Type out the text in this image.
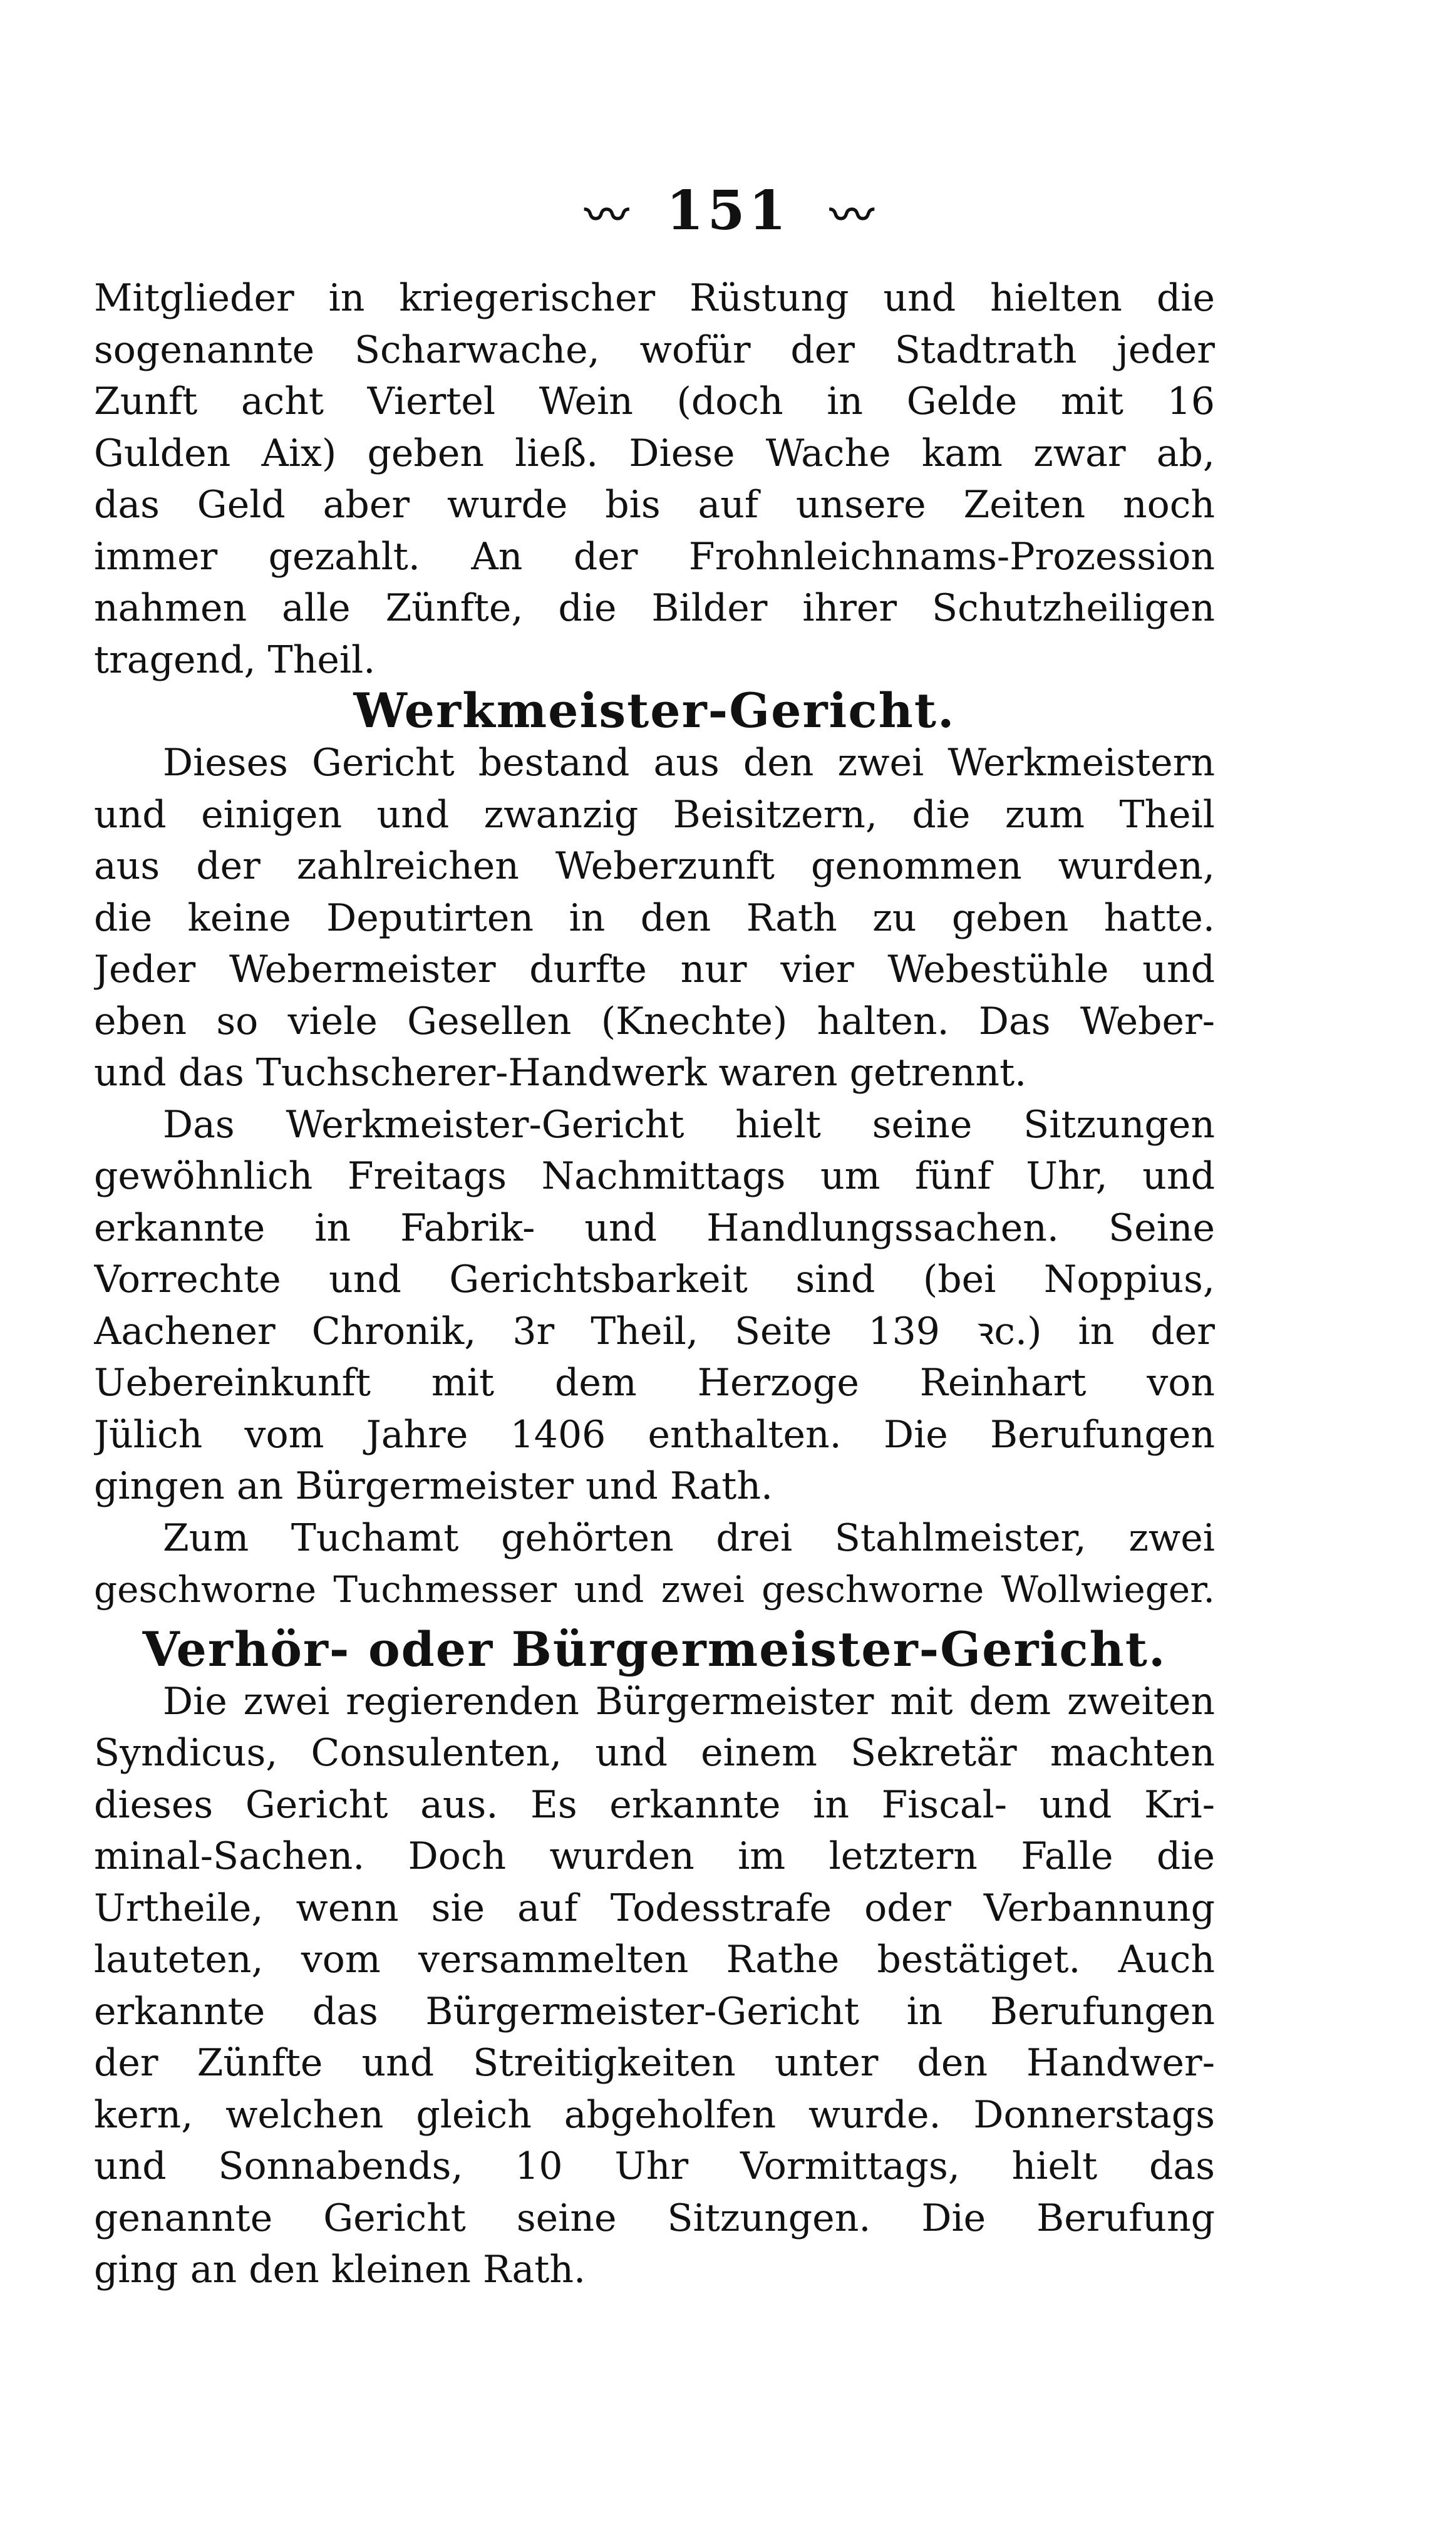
〰 151 〰
Mitglieder in kriegerischer Rüstung und hielten die
sogenannte Scharwache, wofür der Stadtrath jeder
Zunft acht Viertel Wein (doch in Gelde mit 16
Gulden Aix) geben ließ. Diese Wache kam zwar ab,
das Geld aber wurde bis auf unsere Zeiten noch
immer gezahlt. An der Frohnleichnams-Prozession
nahmen alle Zünfte, die Bilder ihrer Schutzheiligen
tragend, Theil.
Werkmeister-Gericht.
Dieses Gericht bestand aus den zwei Werkmeistern
und einigen und zwanzig Beisitzern, die zum Theil
aus der zahlreichen Weberzunft genommen wurden,
die keine Deputirten in den Rath zu geben hatte.
Jeder Webermeister durfte nur vier Webestühle und
eben so viele Gesellen (Knechte) halten. Das Weber-
und das Tuchscherer-Handwerk waren getrennt.
Das Werkmeister-Gericht hielt seine Sitzungen
gewöhnlich Freitags Nachmittags um fünf Uhr, und
erkannte in Fabrik- und Handlungssachen. Seine
Vorrechte und Gerichtsbarkeit sind (bei Noppius,
Aachener Chronik, 3r Theil, Seite 139 ꝛc.) in der
Uebereinkunft mit dem Herzoge Reinhart von
Jülich vom Jahre 1406 enthalten. Die Berufungen
gingen an Bürgermeister und Rath.
Zum Tuchamt gehörten drei Stahlmeister, zwei
geschworne Tuchmesser und zwei geschworne Wollwieger.
Verhör- oder Bürgermeister-Gericht.
Die zwei regierenden Bürgermeister mit dem zweiten
Syndicus, Consulenten, und einem Sekretär machten
dieses Gericht aus. Es erkannte in Fiscal- und Kri-
minal-Sachen. Doch wurden im letztern Falle die
Urtheile, wenn sie auf Todesstrafe oder Verbannung
lauteten, vom versammelten Rathe bestätiget. Auch
erkannte das Bürgermeister-Gericht in Berufungen
der Zünfte und Streitigkeiten unter den Handwer-
kern, welchen gleich abgeholfen wurde. Donnerstags
und Sonnabends, 10 Uhr Vormittags, hielt das
genannte Gericht seine Sitzungen. Die Berufung
ging an den kleinen Rath.
